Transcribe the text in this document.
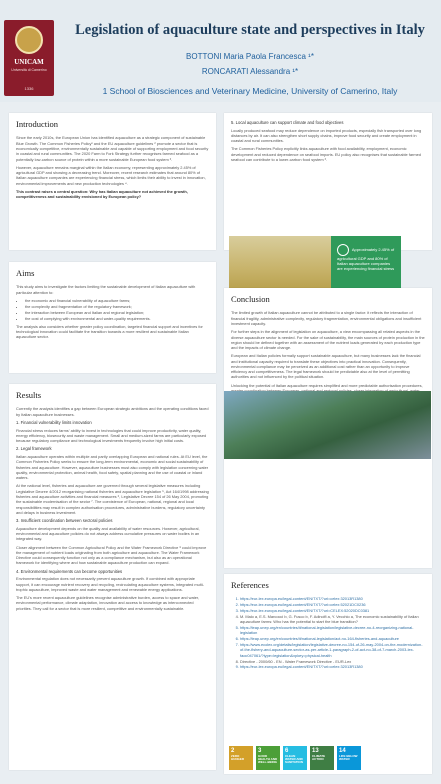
UNICAM
Università di Camerino
1336
Legislation of aquaculture state and perspectives in Italy
BOTTONI Maria Paola Francesca ¹*
RONCARATI Alessandra ¹*
1 School of Biosciences and Veterinary Medicine, University of Camerino, Italy
Introduction

Since the early 2010s, the European Union has identified aquaculture as a strategic component of sustainable Blue Growth. The Common Fisheries Policy¹ and the EU aquaculture guidelines ² promote a sector that is economically competitive, environmentally sustainable and capable of supporting employment and food security in coastal and rural communities. The 2020 Farm to Fork Strategy further recognises farmed seafood as a potentially low-carbon source of protein within a more sustainable European food system ³.

However, aquaculture remains marginal within the Italian economy, representing approximately 2.45% of agricultural GDP and showing a decreasing trend. Moreover, recent research estimates that around 80% of Italian aquaculture companies are experiencing financial stress, which limits their ability to invest in innovation, environmental improvements and new production technologies ⁴.

This contrast raises a central question: Why has Italian aquaculture not achieved the growth, competitiveness and sustainability envisioned by European policy?

5. Local aquaculture can support climate and food objectives

Locally produced seafood may reduce dependence on imported products, especially fish transported over long distances by air. It can also strengthen short supply chains, improve food security and create employment in coastal and rural communities.

The Common Fisheries Policy explicitly links aquaculture with food availability, employment, economic development and reduced dependence on seafood imports. EU policy also recognises that sustainable farmed seafood can contribute to a lower-carbon food system ³.

Approximately 2.45% of agricultural GDP and 80% of Italian aquaculture companies are experiencing financial stress
Aims

This study aims to investigate the factors limiting the sustainable development of Italian aquaculture with particular attention to:

• the economic and financial vulnerability of aquaculture farms;
• the complexity and fragmentation of the regulatory framework;
• the interaction between European and Italian and regional legislation;
• the cost of complying with environmental and water-quality requirements.

The analysis also considers whether greater policy coordination, targeted financial support and incentives for technological innovation could facilitate the transition towards a more resilient and sustainable Italian aquaculture sector.

Results

Currently the analysis identifies a gap between European strategic ambitions and the operating conditions faced by Italian aquaculture businesses.

1. Financial vulnerability limits innovation

Financial stress reduces farms' ability to invest in technologies that could improve productivity, water quality, energy efficiency, biosecurity and waste management. Small and medium-sized farms are particularly exposed because regulatory compliance and technological investments frequently involve high initial costs.

2. Legal framework

Italian aquaculture operates within multiple and partly overlapping European and national rules. At EU level, the Common Fisheries Policy seeks to ensure the long-term environmental, economic and social sustainability of fisheries and aquaculture. However, aquaculture businesses must also comply with legislation concerning water quality, environmental protection, animal health, food safety, spatial planning and the use of coastal or inland waters.

At the national level, fisheries and aquaculture are governed through several legislative measures including Legislative Decree 4/2012 reorganising national fisheries and aquaculture legislation ⁵, Act 164/1998 addressing fisheries and aquaculture activities and financial measures ⁶, Legislative Decree 154 of 26 May 2004, promoting the sustainable modernisation of the sector ⁷. The coexistence of European, national, regional and local responsibilities may result in complex authorisation procedures, administrative burdens, regulatory uncertainty and delays in business investment.

3. Insufficient coordination between sectoral policies

Aquaculture development depends on the quality and availability of water resources. However, agricultural, environmental and aquaculture policies do not always address cumulative pressures on water bodies in an integrated way.

Closer alignment between the Common Agricultural Policy and the Water Framework Directive ⁸ could improve the management of nutrient loads originating from both agriculture and aquaculture. The Water Framework Directive could consequently function not only as a compliance mechanism, but also as an operational framework for identifying where and how sustainable aquaculture production can expand.

4. Environmental requirements can become opportunities

Environmental regulation does not necessarily prevent aquaculture growth. If combined with appropriate support, it can encourage nutrient recovery and recycling, recirculating aquaculture systems, integrated multi-trophic aquaculture, improved waste and water management and renewable energy applications.

The EU's more recent aquaculture guidelines recognise administrative burden, access to space and water, environmental performance, climate adaptation, innovation and access to knowledge as interconnected priorities. They call for a sector that is more resilient, competitive and environmentally sustainable.

Conclusion

The limited growth of Italian aquaculture cannot be attributed to a single factor: it reflects the interaction of financial fragility, administrative complexity, regulatory fragmentation, environmental obligations and insufficient investment capacity.

For further steps in the alignment of legislation on aquaculture, a view encompassing all related aspects in the diverse aquaculture sector is needed. For the sake of sustainability, the main sources of protein production in the region should be defined together with an assessment of the nutrient loads generated by each production type and the impacts of climate change.

European and Italian policies formally support sustainable aquaculture, but many businesses lack the financial and institutional capacity required to translate these objectives into practical innovation. Consequently, environmental compliance may be perceived as an additional cost rather than an opportunity to improve efficiency and competitiveness. The legal framework should be predictable also at the level of permitting authorities and not influenced by the political situation.

Unlocking the potential of Italian aquaculture requires simplified and more predictable authorisation procedures,

References
1. https://eur-lex.europa.eu/legal-content/EN/TXT/?uri=celex:32013R1380
2. https://eur-lex.europa.eu/legal-content/EN/TXT/?uri=celex:52021DC0236
3. https://eur-lex.europa.eu/legal-content/EN/TXT/?uri=CELEX:52020DC0381
4. M. Malo a, E.S. Marcocci b, G. Fusco b, F. Adinolfi a, Y. Vecchio a, The economic sustainability of Italian aquaculture farms: Who has the potential to start the blue transition?
5. https://leap.unep.org/en/countries/it/national-legislation/legislative-decree-no-4-reorganizing-national-legislation
6. https://leap.unep.org/en/countries/it/national-legislation/act-no-164-fisheries-and-aquaculture
7. https://www.ecolex.org/details/legislation/legislative-decree-no-154-of-26-may-2004-on-the-modernization-of-the-fishery-and-aquaculture-sector-as-per-article-1-paragraph-2-of-act-no-38-of-7-march-2003-lex-faoc047061/?type=legislation&xpkey=physical-health
8. Directive - 2000/60 - EN - Water Framework Directive - EUR-Lex
9. https://eur-lex.europa.eu/legal-content/EN/TXT/?uri=celex:32013R1380
2
ZERO HUNGER
3
GOOD HEALTH AND WELL-BEING
6
CLEAN WATER AND SANITATION
13
CLIMATE ACTION
14
LIFE BELOW WATER
